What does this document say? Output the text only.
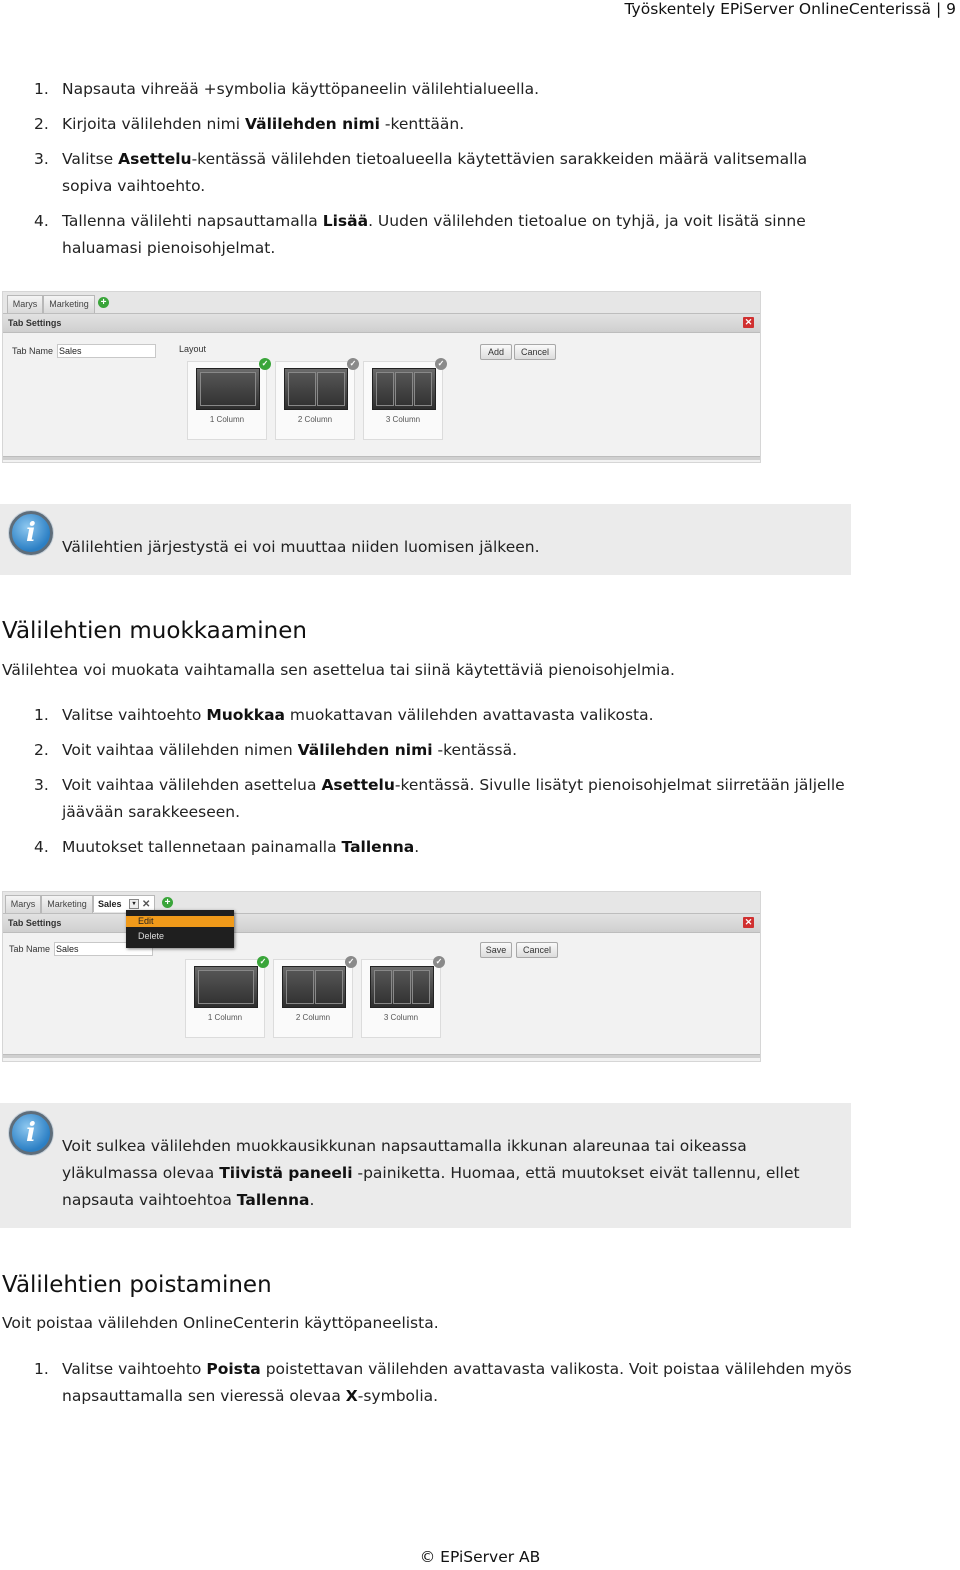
Työskentely EPiServer OnlineCenterissä | 9
1. Napsauta vihreää +symbolia käyttöpaneelin välilehtialueella.
2. Kirjoita välilehden nimi Välilehden nimi -kenttään.
3. Valitse Asettelu-kentässä välilehden tietoalueella käytettävien sarakkeiden määrä valitsemalla sopiva vaihtoehto.
4. Tallenna välilehti napsauttamalla Lisää. Uuden välilehden tietoalue on tyhjä, ja voit lisätä sinne haluamasi pienoisohjelmat.
Marys	Marketing	+
Tab Settings	✕
Tab Name Sales	Layout
✓
1 Column
✓
2 Column
✓
3 Column
Add	Cancel
i	Välilehtien järjestystä ei voi muuttaa niiden luomisen jälkeen.
Välilehtien muokkaaminen
Välilehtea voi muokata vaihtamalla sen asettelua tai siinä käytettäviä pienoisohjelmia.
1. Valitse vaihtoehto Muokkaa muokattavan välilehden avattavasta valikosta.
2. Voit vaihtaa välilehden nimen Välilehden nimi -kentässä.
3. Voit vaihtaa välilehden asettelua Asettelu-kentässä. Sivulle lisätyt pienoisohjelmat siirretään jäljelle jäävään sarakkeeseen.
4. Muutokset tallennetaan painamalla Tallenna.
Marys	Marketing	Sales	▾ ✕ +
Tab Settings	✕
Tab Name Sales
Edit
Delete
✓
1 Column
✓
2 Column
✓
3 Column
Save	Cancel
i	Voit sulkea välilehden muokkausikkunan napsauttamalla ikkunan alareunaa tai oikeassa yläkulmassa olevaa Tiivistä paneeli -painiketta. Huomaa, että muutokset eivät tallennu, ellet napsauta vaihtoehtoa Tallenna.
Välilehtien poistaminen
Voit poistaa välilehden OnlineCenterin käyttöpaneelista.
1. Valitse vaihtoehto Poista poistettavan välilehden avattavasta valikosta. Voit poistaa välilehden myös napsauttamalla sen vieressä olevaa X-symbolia.
© EPiServer AB
